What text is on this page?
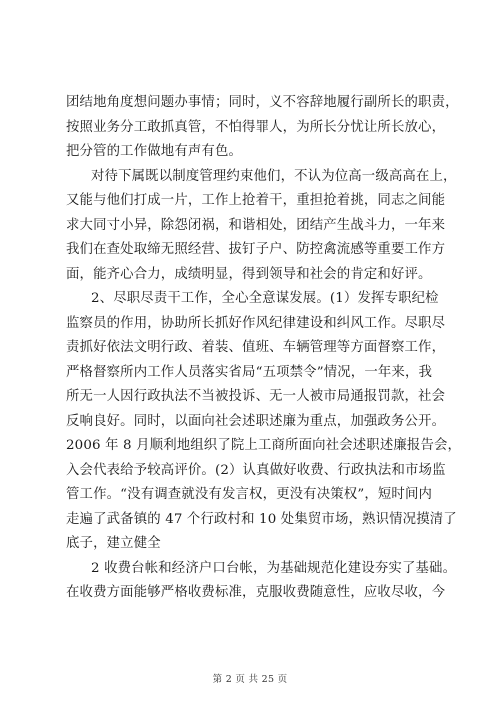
团结地角度想问题办事情；同时，义不容辞地履行副所长的职责，
按照业务分工敢抓真管，不怕得罪人，为所长分忧让所长放心，
把分管的工作做地有声有色。
对待下属既以制度管理约束他们，不认为位高一级高高在上，
又能与他们打成一片，工作上抢着干，重担抢着挑，同志之间能
求大同寸小异，除怨闭祸，和谐相处，团结产生战斗力，一年来
我们在查处取缔无照经营、拔钉子户、防控禽流感等重要工作方
面，能齐心合力，成绩明显，得到领导和社会的肯定和好评。
2、尽职尽责干工作，全心全意谋发展。(1）发挥专职纪检
监察员的作用，协助所长抓好作风纪律建设和纠风工作。尽职尽
责抓好依法文明行政、着装、值班、车辆管理等方面督察工作，
严格督察所内工作人员落实省局“五项禁令”情况，一年来，我
所无一人因行政执法不当被投诉、无一人被市局通报罚款，社会
反响良好。同时，以面向社会述职述廉为重点，加强政务公开。
2006 年 8 月顺利地组织了院上工商所面向社会述职述廉报告会，
入会代表给予较高评价。(2）认真做好收费、行政执法和市场监
管工作。“没有调查就没有发言权，更没有决策权”，短时间内
走遍了武备镇的 47 个行政村和 10 处集贸市场，熟识情况摸清了
底子，建立健全
2 收费台帐和经济户口台帐，为基础规范化建设夯实了基础。
在收费方面能够严格收费标准，克服收费随意性，应收尽收，今
第 2 页 共 25 页
